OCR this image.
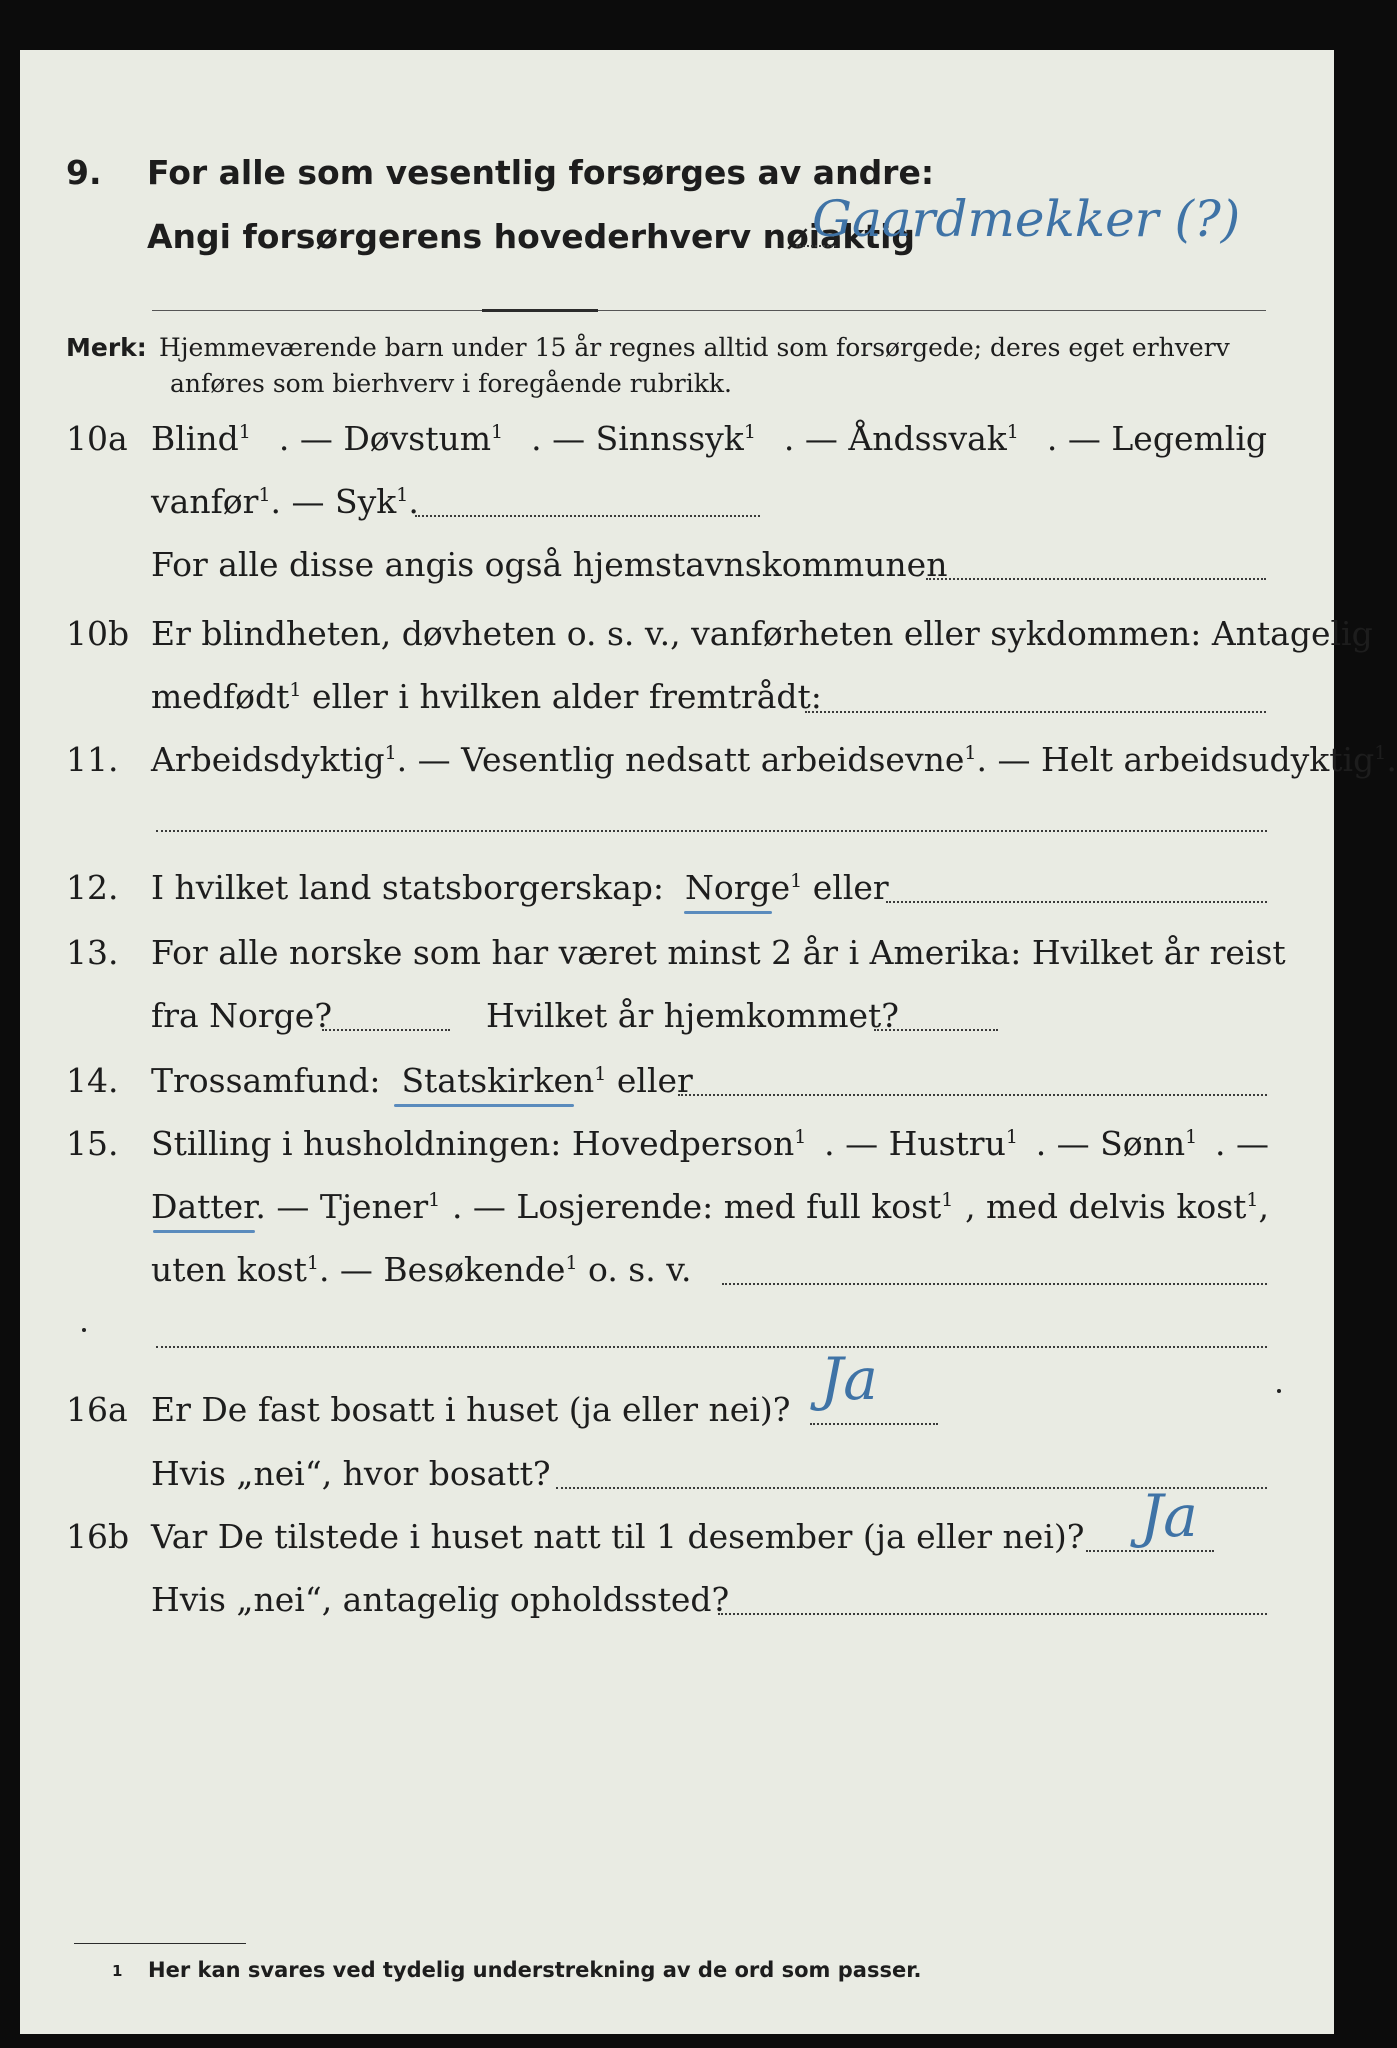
9. For alle som vesentlig forsørges av andre:
Angi forsørgerens hovederhverv nøiaktig
Gaardmekker (?)
Merk: Hjemmeværende barn under 15 år regnes alltid som forsørgede; deres eget erhverv
anføres som bierhverv i foregående rubrikk.
10a Blind$^1$ . — Døvstum$^1$ . — Sinnssyk$^1$ . — Åndssvak$^1$ . — Legemlig
vanfør$^1$. — Syk$^1$.
For alle disse angis også hjemstavnskommunen
10b Er blindheten, døvheten o. s. v., vanførheten eller sykdommen: Antagelig
medfødt$^1$ eller i hvilken alder fremtrådt:
11. Arbeidsdyktig$^1$. — Vesentlig nedsatt arbeidsevne$^1$. — Helt arbeidsudyktig$^1$.
12. I hvilket land statsborgerskap: Norge$^1$ eller
13. For alle norske som har været minst 2 år i Amerika: Hvilket år reist
fra Norge?	Hvilket år hjemkommet?
14. Trossamfund: Statskirken$^1$ eller
15. Stilling i husholdningen: Hovedperson$^1$ . — Hustru$^1$ . — Sønn$^1$ . —
Datter. — Tjener$^1$ . — Losjerende: med full kost$^1$ , med delvis kost$^1$,
uten kost$^1$. — Besøkende$^1$ o. s. v.
16a Er De fast bosatt i huset (ja eller nei)? Ja
Hvis „nei“, hvor bosatt?
16b Var De tilstede i huset natt til 1 desember (ja eller nei)? Ja
Hvis „nei“, antagelig opholdssted?
1 Her kan svares ved tydelig understrekning av de ord som passer.
